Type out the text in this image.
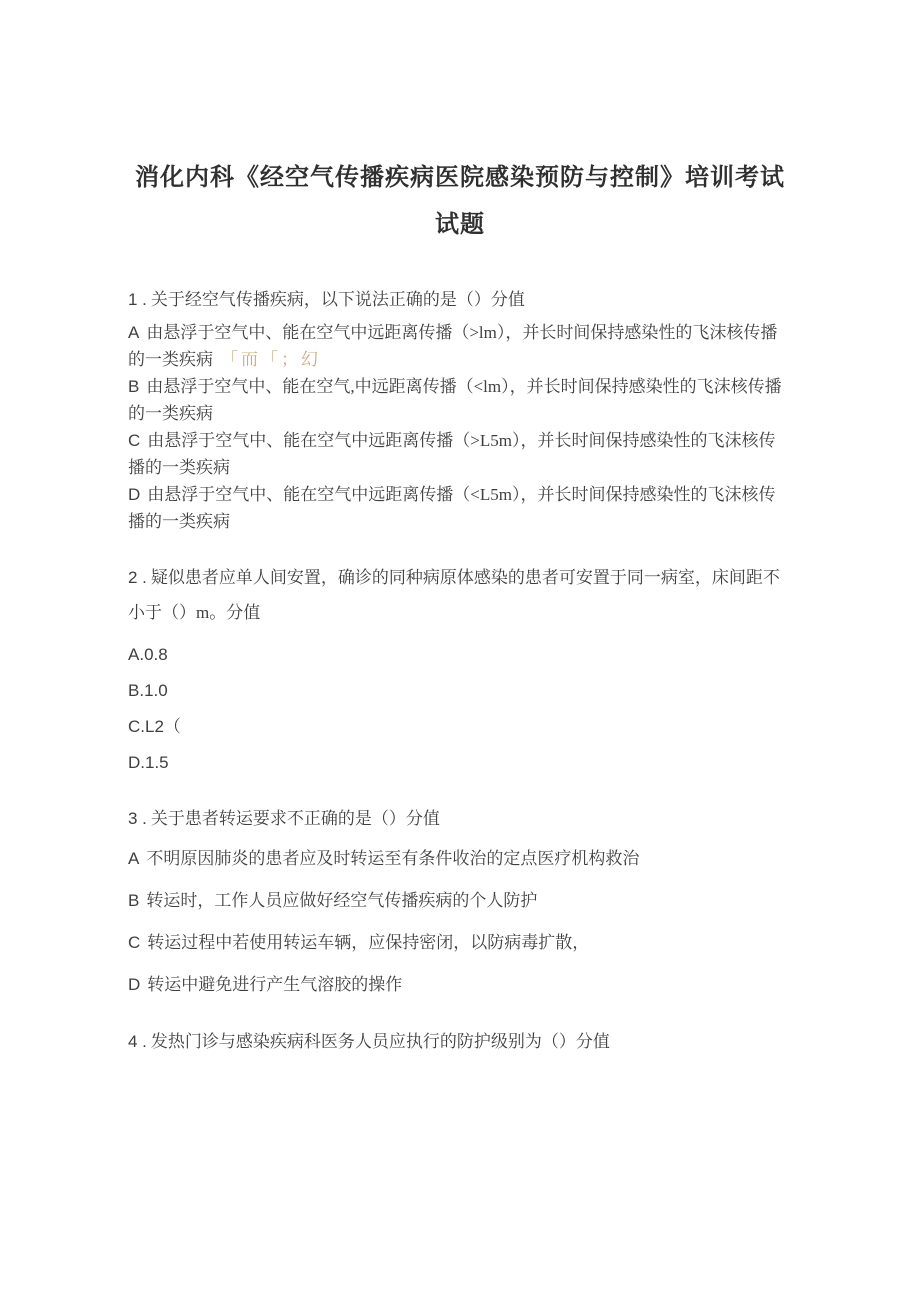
消化内科《经空气传播疾病医院感染预防与控制》培训考试
试题

1 . 关于经空气传播疾病，以下说法正确的是（）分值

A 由悬浮于空气中、能在空气中远距离传播（>lm），并长时间保持感染性的飞沫核传播的一类疾病 「而「；幻

B 由悬浮于空气中、能在空气,中远距离传播（<lm），并长时间保持感染性的飞沫核传播的一类疾病

C 由悬浮于空气中、能在空气中远距离传播（>L5m），并长时间保持感染性的飞沫核传播的一类疾病

D 由悬浮于空气中、能在空气中远距离传播（<L5m），并长时间保持感染性的飞沫核传播的一类疾病

2 . 疑似患者应单人间安置，确诊的同种病原体感染的患者可安置于同一病室，床间距不小于（）m。分值

A.0.8

B.1.0

C.L2（

D.1.5

3 . 关于患者转运要求不正确的是（）分值

A 不明原因肺炎的患者应及时转运至有条件收治的定点医疗机构救治

B 转运时，工作人员应做好经空气传播疾病的个人防护

C 转运过程中若使用转运车辆，应保持密闭，以防病毒扩散，

D 转运中避免进行产生气溶胶的操作

4 . 发热门诊与感染疾病科医务人员应执行的防护级别为（）分值
